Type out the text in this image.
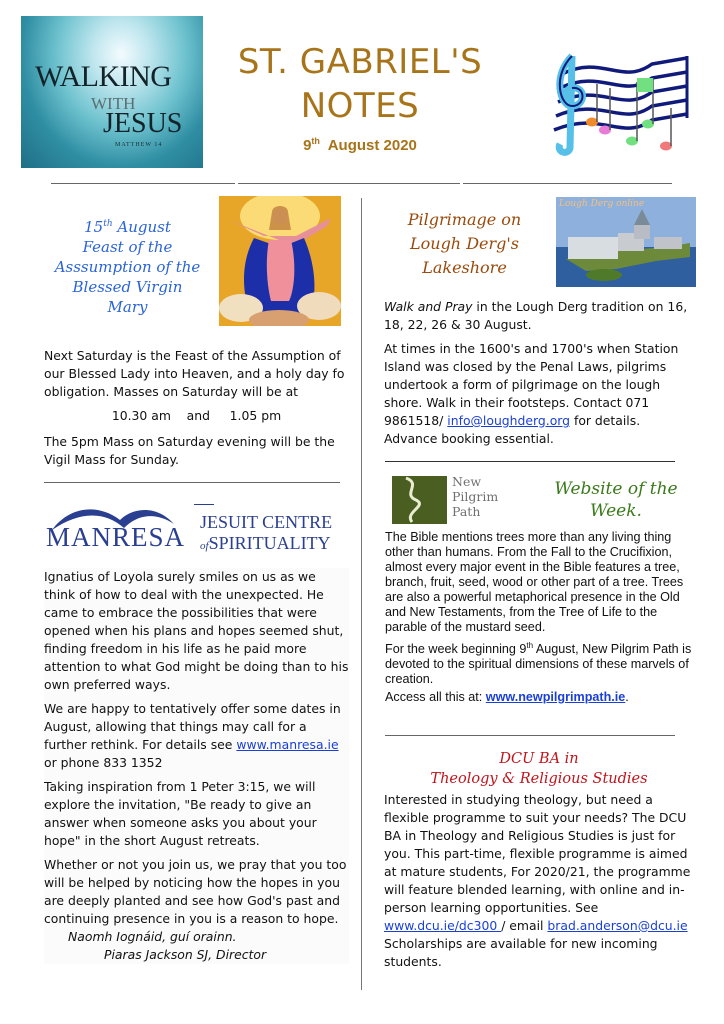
WALKING
WITH
JESUS
MATTHEW 14
ST. GABRIEL'S
NOTES
9th August 2020
15th August
Feast of the
Asssumption of the
Blessed Virgin
Mary

Next Saturday is the Feast of the Assumption of our Blessed Lady into Heaven, and a holy day fo obligation. Masses on Saturday will be at

10.30 am    and     1.05 pm

The 5pm Mass on Saturday evening will be the Vigil Mass for Sunday.

MANRESA JESUIT CENTRE
ofSPIRITUALITY

Ignatius of Loyola surely smiles on us as we think of how to deal with the unexpected. He came to embrace the possibilities that were opened when his plans and hopes seemed shut, finding freedom in his life as he paid more attention to what God might be doing than to his own preferred ways.

We are happy to tentatively offer some dates in August, allowing that things may call for a further rethink. For details see www.manresa.ie or phone 833 1352

Taking inspiration from 1 Peter 3:15, we will explore the invitation, "Be ready to give an answer when someone asks you about your hope" in the short August retreats.

Whether or not you join us, we pray that you too will be helped by noticing how the hopes in you are deeply planted and see how God's past and continuing presence in you is a reason to hope.Naomh Iognáid, guí orainn.

Piaras Jackson SJ, Director
Pilgrimage on
Lough Derg's
Lakeshore
Lough Derg online

Walk and Pray in the Lough Derg tradition on 16, 18, 22, 26 & 30 August.

At times in the 1600's and 1700's when Station Island was closed by the Penal Laws, pilgrims undertook a form of pilgrimage on the lough shore. Walk in their footsteps. Contact 071 9861518/ info@loughderg.org for details. Advance booking essential.

New
Pilgrim
Path
Website of the
Week.

The Bible mentions trees more than any living thing other than humans. From the Fall to the Crucifixion, almost every major event in the Bible features a tree, branch, fruit, seed, wood or other part of a tree. Trees are also a powerful metaphorical presence in the Old and New Testaments, from the Tree of Life to the parable of the mustard seed.

For the week beginning 9th August, New Pilgrim Path is devoted to the spiritual dimensions of these marvels of creation.

Access all this at: www.newpilgrimpath.ie.

DCU BA in
Theology & Religious Studies

Interested in studying theology, but need a flexible programme to suit your needs? The DCU BA in Theology and Religious Studies is just for you. This part-time, flexible programme is aimed at mature students, For 2020/21, the programme will feature blended learning, with online and in-person learning opportunities. See www.dcu.ie/dc300 / email brad.anderson@dcu.ie     Scholarships are available for new incoming students.
